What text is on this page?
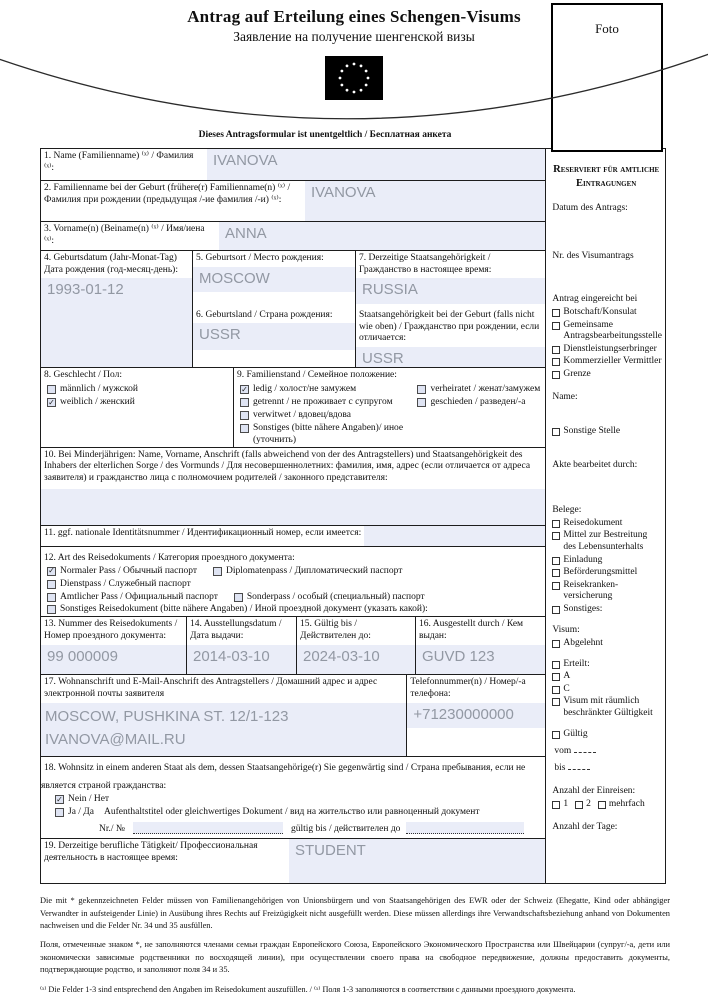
Antrag auf Erteilung eines Schengen-Visums
Заявление на получение шенгенской визы
Dieses Antragsformular ist unentgeltlich / Бесплатная анкета
Foto
1. Name (Familienname) ⁽ˣ⁾ / Фамилия ⁽ˣ⁾:	IVANOVA
2. Familienname bei der Geburt (frühere(r) Familienname(n) ⁽ˣ⁾ / Фамилия при рождении (предыдущая /-ие фамилия /-и) ⁽ˣ⁾:	IVANOVA
3. Vorname(n) (Beiname(n) ⁽ˣ⁾ / Имя/иена ⁽ˣ⁾:	ANNA
4. Geburtsdatum (Jahr-Monat-Tag) Дата рождения (год-месяц-день):
1993-01-12
5. Geburtsort / Место рождения:
MOSCOW
6. Geburtsland / Страна рождения:
USSR
7. Derzeitige Staatsangehörigkeit / Гражданство в настоящее время:
RUSSIA
Staatsangehörigkeit bei der Geburt (falls nicht wie oben) / Гражданство при рождении, если отличается:
USSR
8. Geschlecht / Пол:
männlich / мужской
✓ weiblich / женский
9. Familienstand / Семейное положение:
✓ ledig / холост/не замужем
getrennt / не проживает с супругом
verwitwet / вдовец/вдова
Sonstiges (bitte nähere Angaben)/ иное (уточнить)
verheiratet / женат/замужем
geschieden / разведен/-а
10. Bei Minderjährigen: Name, Vorname, Anschrift (falls abweichend von der des Antragstellers) und Staatsangehörigkeit des Inhabers der elterlichen Sorge / des Vormunds / Для несовершеннолетних: фамилия, имя, адрес (если отличается от адреса заявителя) и гражданство лица с полномочием родителей / законного представителя:
11. ggf. nationale Identitätsnummer / Идентификационный номер, если имеется:
12. Art des Reisedokuments / Категория проездного документа:
✓ Normaler Pass / Обычный паспорт	Diplomatenpass / Дипломатический паспорт
Dienstpass / Служебный паспорт
Amtlicher Pass / Официальный паспорт	Sonderpass / особый (специальный) паспорт
Sonstiges Reisedokument (bitte nähere Angaben) / Иной проездной документ (указать какой):
13. Nummer des Reisedokuments / Номер проездного документа:
99 000009
14. Ausstellungsdatum / Дата выдачи:
2014-03-10
15. Gültig bis / Действителен до:
2024-03-10
16. Ausgestellt durch / Кем выдан:
GUVD 123
17. Wohnanschrift und E-Mail-Anschrift des Antragstellers / Домашний адрес и адрес электронной почты заявителя
MOSCOW, PUSHKINA ST. 12/1-123
IVANOVA@MAIL.RU
Telefonnummer(n) / Номер/-а телефона:
+71230000000
18. Wohnsitz in einem anderen Staat als dem, dessen Staatsangehörige(r) Sie gegenwärtig sind / Страна пребывания, если не является страной гражданства:
✓ Nein / Нет
Ja / Да Aufenthaltstitel oder gleichwertiges Dokument / вид на жительство или равноценный документ
Nr./ №	gültig bis / действителен до
19. Derzeitige berufliche Tätigkeit/ Профессиональная деятельность в настоящее время:	STUDENT
Reserviert für amtliche Eintragungen
Datum des Antrags:
Nr. des Visumantrags
Antrag eingereicht bei
Botschaft/Konsulat
Gemeinsame Antragsbearbeitungsstelle
Dienstleistungserbringer
Kommerzieller Vermittler
Grenze
Name:
Sonstige Stelle
Akte bearbeitet durch:
Belege:
Reisedokument
Mittel zur Bestreitung des Lebensunterhalts
Einladung
Beförderungsmittel
Reisekranken-versicherung
Sonstiges:
Visum:
Abgelehnt
Erteilt:
A
C
Visum mit räumlich beschränkter Gültigkeit
Gültig
vom
bis
Anzahl der Einreisen:
1 2 mehrfach
Anzahl der Tage:

Die mit * gekennzeichneten Felder müssen von Familienangehörigen von Unionsbürgern und von Staatsangehörigen des EWR oder der Schweiz (Ehegatte, Kind oder abhängiger Verwandter in aufsteigender Linie) in Ausübung ihres Rechts auf Freizügigkeit nicht ausgefüllt werden. Diese müssen allerdings ihre Verwandtschaftsbeziehung anhand von Dokumenten nachweisen und die Felder Nr. 34 und 35 ausfüllen.

Поля, отмеченные знаком *, не заполняются членами семьи граждан Европейского Союза, Европейского Экономического Пространства или Швейцарии (супруг/-а, дети или экономически зависимые родственники по восходящей линии), при осуществлении своего права на свободное передвижение, должны предоставить документы, подтверждающие родство, и заполняют поля 34 и 35.

⁽ˣ⁾ Die Felder 1-3 sind entsprechend den Angaben im Reisedokument auszufüllen. / ⁽ˣ⁾ Поля 1-3 заполняются в соответствии с данными проездного документа.
